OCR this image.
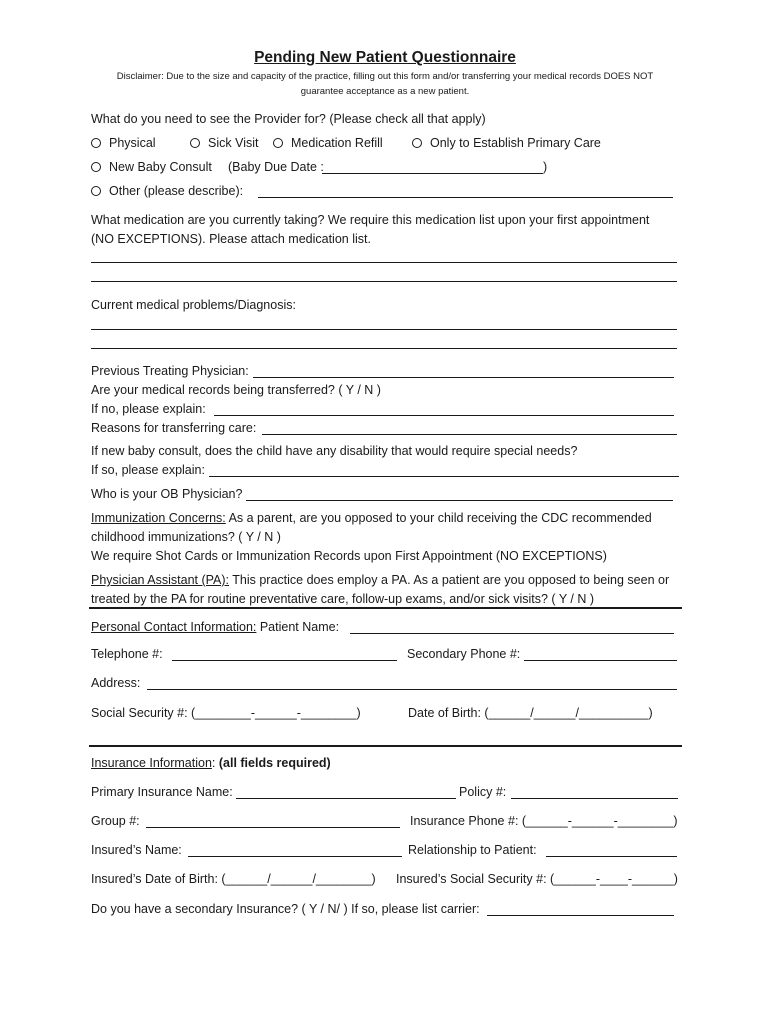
Pending New Patient Questionnaire
Disclaimer: Due to the size and capacity of the practice, filling out this form and/or transferring your medical records DOES NOT
guarantee acceptance as a new patient.
What do you need to see the Provider for? (Please check all that apply)
Physical	Sick Visit	Medication Refill	Only to Establish Primary Care
New Baby Consult (Baby Due Date :	)
Other (please describe):
What medication are you currently taking? We require this medication list upon your first appointment
(NO EXCEPTIONS). Please attach medication list.
Current medical problems/Diagnosis:
Previous Treating Physician:
Are your medical records being transferred? ( Y / N )
If no, please explain:
Reasons for transferring care:
If new baby consult, does the child have any disability that would require special needs?
If so, please explain:
Who is your OB Physician?
Immunization Concerns: As a parent, are you opposed to your child receiving the CDC recommended
childhood immunizations? ( Y / N )
We require Shot Cards or Immunization Records upon First Appointment (NO EXCEPTIONS)
Physician Assistant (PA): This practice does employ a PA. As a patient are you opposed to being seen or
treated by the PA for routine preventative care, follow-up exams, and/or sick visits? ( Y / N )
Personal Contact Information: Patient Name:
Telephone #:	Secondary Phone #:
Address:
Social Security #: (________-______-________)	Date of Birth: (______/______/__________)
Insurance Information: (all fields required)
Primary Insurance Name:	Policy #:
Group #:	Insurance Phone #: (______-______-________)
Insured’s Name:	Relationship to Patient:
Insured’s Date of Birth: (______/______/________) Insured’s Social Security #: (______-____-______)
Do you have a secondary Insurance? ( Y / N/ ) If so, please list carrier:
